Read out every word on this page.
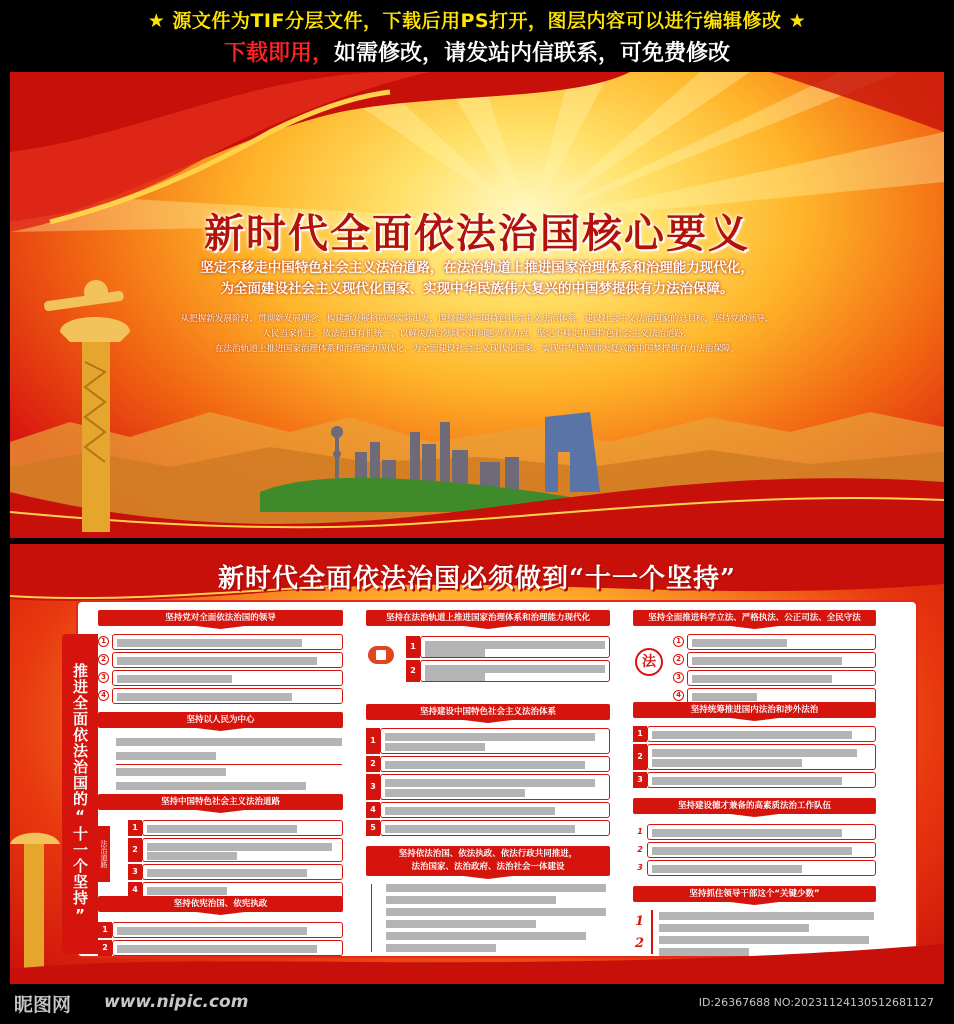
★ 源文件为TIF分层文件，下载后用PS打开，图层内容可以进行编辑修改 ★
下载即用，如需修改，请发站内信联系，可免费修改
新时代全面依法治国核心要义
坚定不移走中国特色社会主义法治道路，在法治轨道上推进国家治理体系和治理能力现代化，
为全面建设社会主义现代化国家、实现中华民族伟大复兴的中国梦提供有力法治保障。
从把握新发展阶段、贯彻新发展理念、构建新发展格局的实际出发，围绕建设中国特色社会主义法治体系、建设社会主义法治国家的总目标，坚持党的领导、
人民当家作主、依法治国有机统一，以解决法治领域突出问题为着力点，坚定不移走中国特色社会主义法治道路，
在法治轨道上推进国家治理体系和治理能力现代化，为全面建设社会主义现代化国家、实现中华民族伟大复兴的中国梦提供有力法治保障。
新时代全面依法治国必须做到“十一个坚持”
推进全面依法治国的“十一个坚持”
坚持党对全面依法治国的领导
1
2
3
4
坚持以人民为中心
坚持中国特色社会主义法治道路
法治道路
1
2
3
4
坚持依宪治国、依宪执政
1
2
坚持在法治轨道上推进国家治理体系和治理能力现代化
1
2
坚持建设中国特色社会主义法治体系
1
2
3
4
5
坚持依法治国、依法执政、依法行政共同推进，
法治国家、法治政府、法治社会一体建设
坚持全面推进科学立法、严格执法、公正司法、全民守法
法
1
2
3
4
坚持统筹推进国内法治和涉外法治
1
2
3
坚持建设德才兼备的高素质法治工作队伍
1
2
3
坚持抓住领导干部这个“关键少数”
1
2
昵图网 www.nipic.com	ID:26367688 NO:20231124130512681127
